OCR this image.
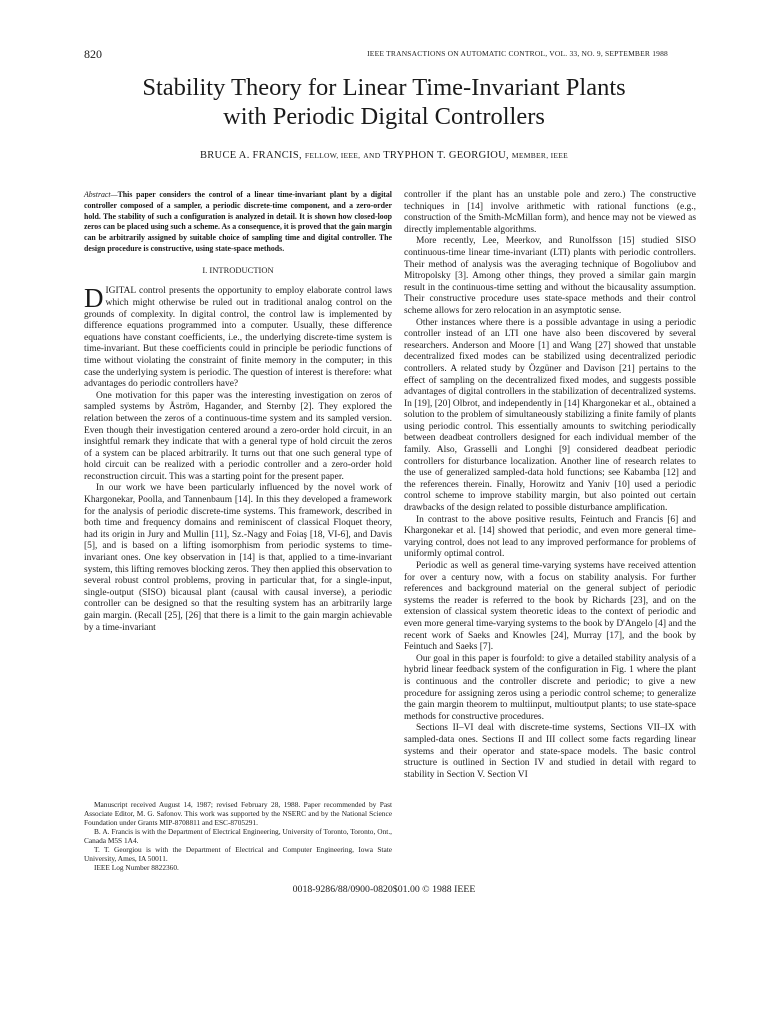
820	IEEE TRANSACTIONS ON AUTOMATIC CONTROL, VOL. 33, NO. 9, SEPTEMBER 1988
Stability Theory for Linear Time-Invariant Plants
with Periodic Digital Controllers
BRUCE A. FRANCIS, FELLOW, IEEE, AND TRYPHON T. GEORGIOU, MEMBER, IEEE

Abstract—This paper considers the control of a linear time-invariant plant by a digital controller composed of a sampler, a periodic discrete-time component, and a zero-order hold. The stability of such a configuration is analyzed in detail. It is shown how closed-loop zeros can be placed using such a scheme. As a consequence, it is proved that the gain margin can be arbitrarily assigned by suitable choice of sampling time and digital controller. The design procedure is constructive, using state-space methods.

I. INTRODUCTION

DIGITAL control presents the opportunity to employ elaborate control laws which might otherwise be ruled out in traditional analog control on the grounds of complexity. In digital control, the control law is implemented by difference equations programmed into a computer. Usually, these difference equations have constant coefficients, i.e., the underlying discrete-time system is time-invariant. But these coefficients could in principle be periodic functions of time without violating the constraint of finite memory in the computer; in this case the underlying system is periodic. The question of interest is therefore: what advantages do periodic controllers have?

One motivation for this paper was the interesting investigation on zeros of sampled systems by Åström, Hagander, and Sternby [2]. They explored the relation between the zeros of a continuous-time system and its sampled version. Even though their investigation centered around a zero-order hold circuit, in an insightful remark they indicate that with a general type of hold circuit the zeros of a system can be placed arbitrarily. It turns out that one such general type of hold circuit can be realized with a periodic controller and a zero-order hold reconstruction circuit. This was a starting point for the present paper.

In our work we have been particularly influenced by the novel work of Khargonekar, Poolla, and Tannenbaum [14]. In this they developed a framework for the analysis of periodic discrete-time systems. This framework, described in both time and frequency domains and reminiscent of classical Floquet theory, had its origin in Jury and Mullin [11], Sz.-Nagy and Foiaş [18, VI-6], and Davis [5], and is based on a lifting isomorphism from periodic systems to time-invariant ones. One key observation in [14] is that, applied to a time-invariant system, this lifting removes blocking zeros. They then applied this observation to several robust control problems, proving in particular that, for a single-input, single-output (SISO) bicausal plant (causal with causal inverse), a periodic controller can be designed so that the resulting system has an arbitrarily large gain margin. (Recall [25], [26] that there is a limit to the gain margin achievable by a time-invariant

controller if the plant has an unstable pole and zero.) The constructive techniques in [14] involve arithmetic with rational functions (e.g., construction of the Smith-McMillan form), and hence may not be viewed as directly implementable algorithms.

More recently, Lee, Meerkov, and Runolfsson [15] studied SISO continuous-time linear time-invariant (LTI) plants with periodic controllers. Their method of analysis was the averaging technique of Bogoliubov and Mitropolsky [3]. Among other things, they proved a similar gain margin result in the continuous-time setting and without the bicausality assumption. Their constructive procedure uses state-space methods and their control scheme allows for zero relocation in an asymptotic sense.

Other instances where there is a possible advantage in using a periodic controller instead of an LTI one have also been discovered by several researchers. Anderson and Moore [1] and Wang [27] showed that unstable decentralized fixed modes can be stabilized using decentralized periodic controllers. A related study by Özgüner and Davison [21] pertains to the effect of sampling on the decentralized fixed modes, and suggests possible advantages of digital controllers in the stabilization of decentralized systems. In [19], [20] Olbrot, and independently in [14] Khargonekar et al., obtained a solution to the problem of simultaneously stabilizing a finite family of plants using periodic control. This essentially amounts to switching periodically between deadbeat controllers designed for each individual member of the family. Also, Grasselli and Longhi [9] considered deadbeat periodic controllers for disturbance localization. Another line of research relates to the use of generalized sampled-data hold functions; see Kabamba [12] and the references therein. Finally, Horowitz and Yaniv [10] used a periodic control scheme to improve stability margin, but also pointed out certain drawbacks of the design related to possible disturbance amplification.

In contrast to the above positive results, Feintuch and Francis [6] and Khargonekar et al. [14] showed that periodic, and even more general time-varying control, does not lead to any improved performance for problems of uniformly optimal control.

Periodic as well as general time-varying systems have received attention for over a century now, with a focus on stability analysis. For further references and background material on the general subject of periodic systems the reader is referred to the book by Richards [23], and on the extension of classical system theoretic ideas to the context of periodic and even more general time-varying systems to the book by D'Angelo [4] and the recent work of Saeks and Knowles [24], Murray [17], and the book by Feintuch and Saeks [7].

Our goal in this paper is fourfold: to give a detailed stability analysis of a hybrid linear feedback system of the configuration in Fig. 1 where the plant is continuous and the controller discrete and periodic; to give a new procedure for assigning zeros using a periodic control scheme; to generalize the gain margin theorem to multiinput, multioutput plants; to use state-space methods for constructive procedures.

Sections II–VI deal with discrete-time systems, Sections VII–IX with sampled-data ones. Sections II and III collect some facts regarding linear systems and their operator and state-space models. The basic control structure is outlined in Section IV and studied in detail with regard to stability in Section V. Section VI

Manuscript received August 14, 1987; revised February 28, 1988. Paper recommended by Past Associate Editor, M. G. Safonov. This work was supported by the NSERC and by the National Science Foundation under Grants MIP-8708811 and ESC-8705291.

B. A. Francis is with the Department of Electrical Engineering, University of Toronto, Toronto, Ont., Canada M5S 1A4.

T. T. Georgiou is with the Department of Electrical and Computer Engineering, Iowa State University, Ames, IA 50011.

IEEE Log Number 8822360.

0018-9286/88/0900-0820$01.00 © 1988 IEEE
